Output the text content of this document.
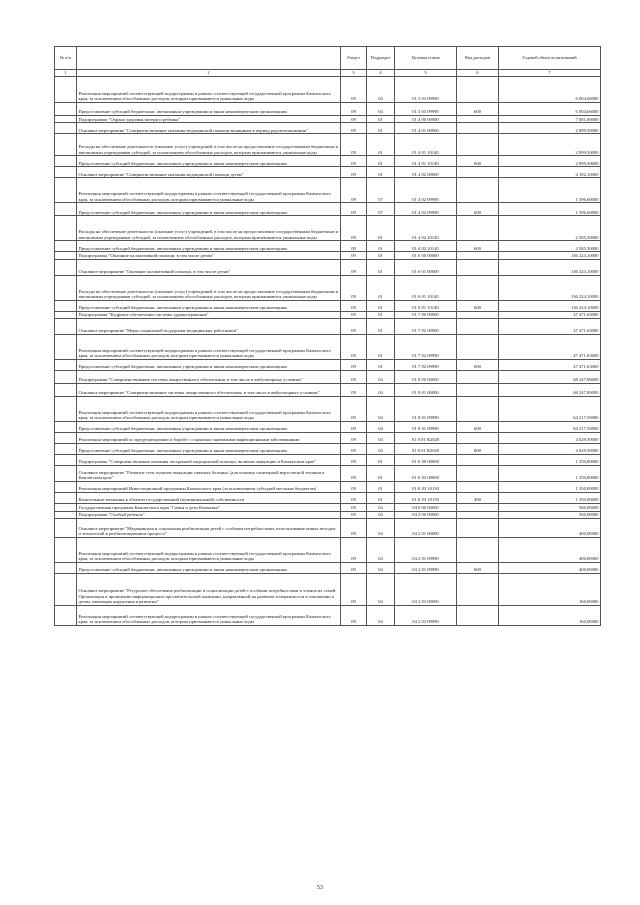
№ п/п		Раздел	Подраздел	Целевая статья	Вид расходов	Годовой объем ассигнований
1	2	3	4	5	6	7
	Реализация мероприятий соответствующей подпрограммы в рамках соответствующей государственной программы Камчатского края, за исключением обособленных расходов, которым присваиваются уникальные коды	09	04	01 3 03 09990		6 004,66000
	Предоставление субсидий бюджетным, автономным учреждениям и иным некоммерческим организациям	09	04	01 3 03 09990	600	6 004,66000
	Подпрограмма "Охрана здоровья матери и ребенка"	09	01	01 4 00 00000		7 081,60000
	Основное мероприятие "Совершенствование оказания медицинской помощи женщинам в период родовспоможения"	09	01	01 4 01 00000		2 899,50000
	Расходы на обеспечение деятельности (оказание услуг) учреждений, в том числе на предоставление государственным бюджетным и автономным учреждениям субсидий, за исключением обособленных расходов, которым присваиваются уникальные коды	09	01	01 4 01 10140		2 899,50000
	Предоставление субсидий бюджетным, автономным учреждениям и иным некоммерческим организациям	09	01	01 4 01 10140	600	2 899,50000
	Основное мероприятие "Совершенствование оказания медицинской помощи детям"	09	01	01 4 02 00000		4 182,10000
	Реализация мероприятий соответствующей подпрограммы в рамках соответствующей государственной программы Камчатского края, за исключением обособленных расходов, которым присваиваются уникальные коды	09	07	01 4 02 09990		1 596,60000
	Предоставление субсидий бюджетным, автономным учреждениям и иным некоммерческим организациям	09	07	01 4 02 09990	600	1 596,60000
	Расходы на обеспечение деятельности (оказание услуг) учреждений, в том числе на предоставление государственным бюджетным и автономным учреждениям субсидий, за исключением обособленных расходов, которым присваиваются уникальные коды	09	01	01 4 02 10140		2 585,50000
	Предоставление субсидий бюджетным, автономным учреждениям и иным некоммерческим организациям	09	01	01 4 02 10140	600	2 585,50000
	Подпрограмма "Оказание паллиативной помощи, в том числе детям"	09	01	01 6 00 00000		136 224,10000
	Основное мероприятие "Оказание паллиативной помощи, в том числе детям"	09	01	01 6 01 00000		136 224,10000
	Расходы на обеспечение деятельности (оказание услуг) учреждений, в том числе на предоставление государственным бюджетным и автономным учреждениям субсидий, за исключением обособленных расходов, которым присваиваются уникальные коды	09	01	01 6 01 10140		136 224,10000
	Предоставление субсидий бюджетным, автономным учреждениям и иным некоммерческим организациям	09	01	01 6 01 10140	600	136 224,10000
	Подпрограмма "Кадровое обеспечение системы здравоохранения"	09	01	01 7 00 00000		47 471,63000
	Основное мероприятие "Меры социальной поддержки медицинских работников"	09	01	01 7 02 00000		47 471,63000
	Реализация мероприятий соответствующей подпрограммы в рамках соответствующей государственной программы Камчатского края, за исключением обособленных расходов, которым присваиваются уникальные коды	09	01	01 7 02 09990		47 471,63000
	Предоставление субсидий бюджетным, автономным учреждениям и иным некоммерческим организациям	09	01	01 7 02 09990	600	47 471,63000
	Подпрограмма "Совершенствование системы лекарственного обеспечения, в том числе в амбулаторных условиях"	09	04	01 8 00 00000		68 247,00000
	Основное мероприятие "Совершенствование системы лекарственного обеспечения, в том числе в амбулаторных условиях"	09	04	01 8 01 00000		68 247,00000
	Реализация мероприятий соответствующей подпрограммы в рамках соответствующей государственной программы Камчатского края, за исключением обособленных расходов, которым присваиваются уникальные коды	09	04	01 8 01 09990		64 217,50000
	Предоставление субсидий бюджетным, автономным учреждениям и иным некоммерческим организациям	09	04	01 8 01 09990	600	64 217,50000
	Реализация мероприятий по предупреждению и борьбе с социально значимыми инфекционными заболеваниями	09	04	01 8 01 R2020		4 029,50000
	Предоставление субсидий бюджетным, автономным учреждениям и иным некоммерческим организациям	09	04	01 8 01 R2020	600	4 029,50000
	Подпрограмма "Совершенствование оказания экстренной медицинской помощи, включая эвакуацию в Камчатском крае"	09	01	01 Б 00 00000		1 350,00000
	Основное мероприятие "Развитие сети пунктов эвакуации тяжелых больных (для помощи санитарной вертолетной техники в Камчатском крае"	09	01	01 Б 03 00000		1 350,00000
	Реализация мероприятий Инвестиционной программы Камчатского края (за исключением субсидий местным бюджетам)	09	01	01 Б 03 10130		1 350,00000
	Капитальные вложения в объекты государственной (муниципальной) собственности	09	01	01 Б 03 10130	400	1 350,00000
	Государственная программа Камчатского края "Семья и дети Камчатки"	09	04	04 0 00 00000		560,00000
	Подпрограмма "Особый ребенок"	09	04	04 2 00 00000		560,00000
	Основное мероприятие "Медицинская и социальная реабилитация детей с особыми потребностями, использование новых методов и технологий в реабилитационном процессе"	09	04	04 2 01 00000		400,00000
	Реализация мероприятий соответствующей подпрограммы в рамках соответствующей государственной программы Камчатского края, за исключением обособленных расходов, которым присваиваются уникальные коды	09	04	04 2 01 09990		400,00000
	Предоставление субсидий бюджетным, автономным учреждениям и иным некоммерческим организациям	09	04	04 2 01 09990	600	400,00000
	Основное мероприятие "Ресурсное обеспечение реабилитации и социализации детей с особыми потребностями и членов их семей. Организация и проведение информационно-просветительской кампании, направленной на развитие толерантности в отношении к детям, имеющим нарушения в развитии"	09	04	04 2 03 00000		160,00000
	Реализация мероприятий соответствующей подпрограммы в рамках соответствующей государственной программы Камчатского края, за исключением обособленных расходов, которым присваиваются уникальные коды	09	04	04 2 03 09990		160,00000
53
